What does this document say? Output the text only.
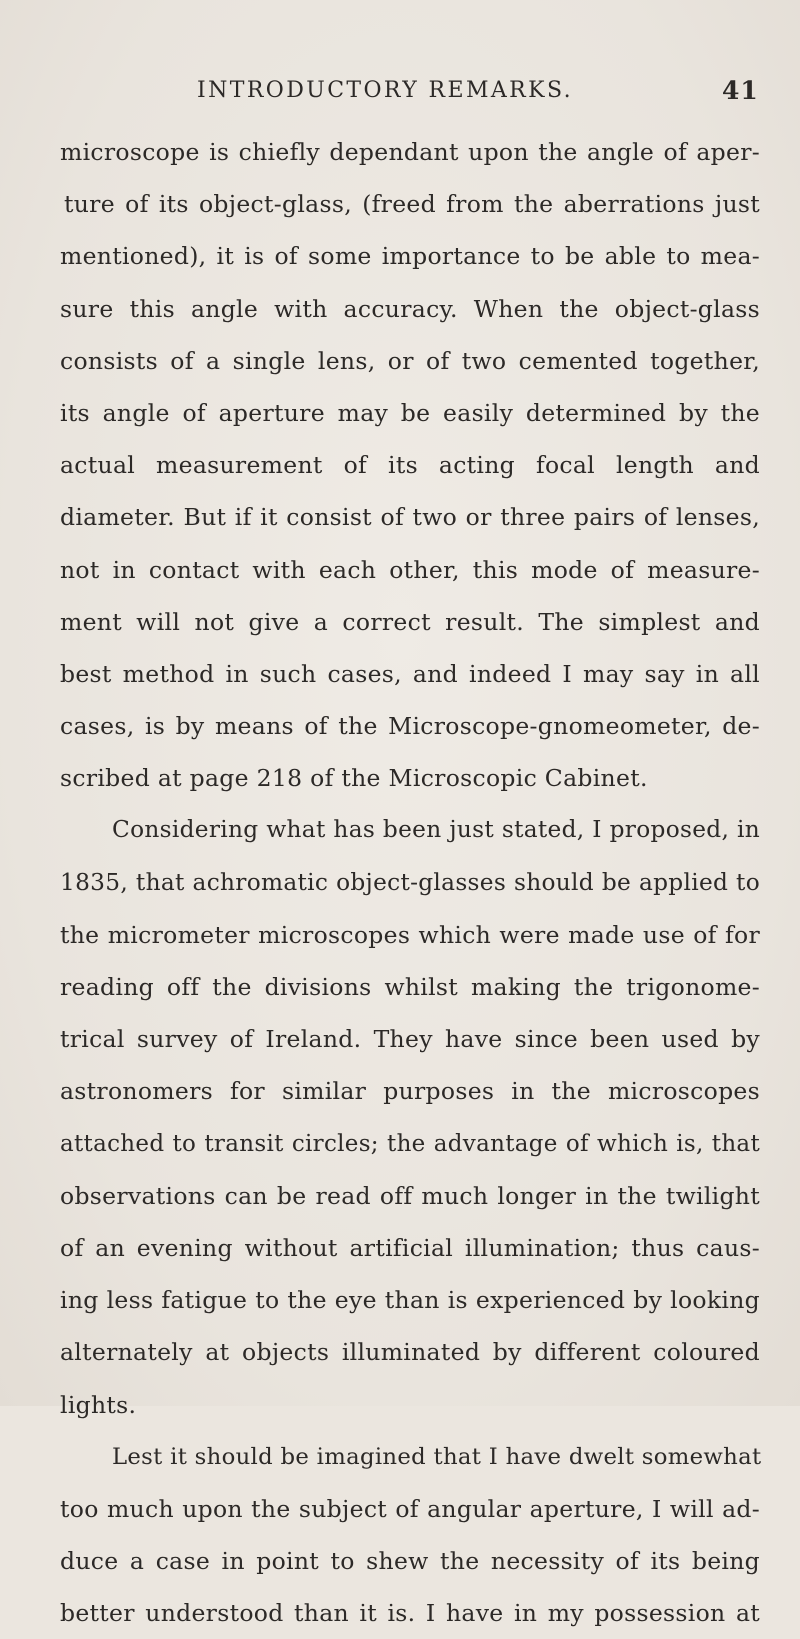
INTRODUCTORY REMARKS.	41
microscope is chiefly dependant upon the angle of aper-
ture of its object-glass, (freed from the aberrations just
mentioned), it is of some importance to be able to mea-
sure this angle with accuracy. When the object-glass
consists of a single lens, or of two cemented together,
its angle of aperture may be easily determined by the
actual measurement of its acting focal length and
diameter. But if it consist of two or three pairs of lenses,
not in contact with each other, this mode of measure-
ment will not give a correct result. The simplest and
best method in such cases, and indeed I may say in all
cases, is by means of the Microscope-gnomeometer, de-
scribed at page 218 of the Microscopic Cabinet.
Considering what has been just stated, I proposed, in
1835, that achromatic object-glasses should be applied to
the micrometer microscopes which were made use of for
reading off the divisions whilst making the trigonome-
trical survey of Ireland. They have since been used by
astronomers for similar purposes in the microscopes
attached to transit circles; the advantage of which is, that
observations can be read off much longer in the twilight
of an evening without artificial illumination; thus caus-
ing less fatigue to the eye than is experienced by looking
alternately at objects illuminated by different coloured
lights.
Lest it should be imagined that I have dwelt somewhat
too much upon the subject of angular aperture, I will ad-
duce a case in point to shew the necessity of its being
better understood than it is. I have in my possession at
